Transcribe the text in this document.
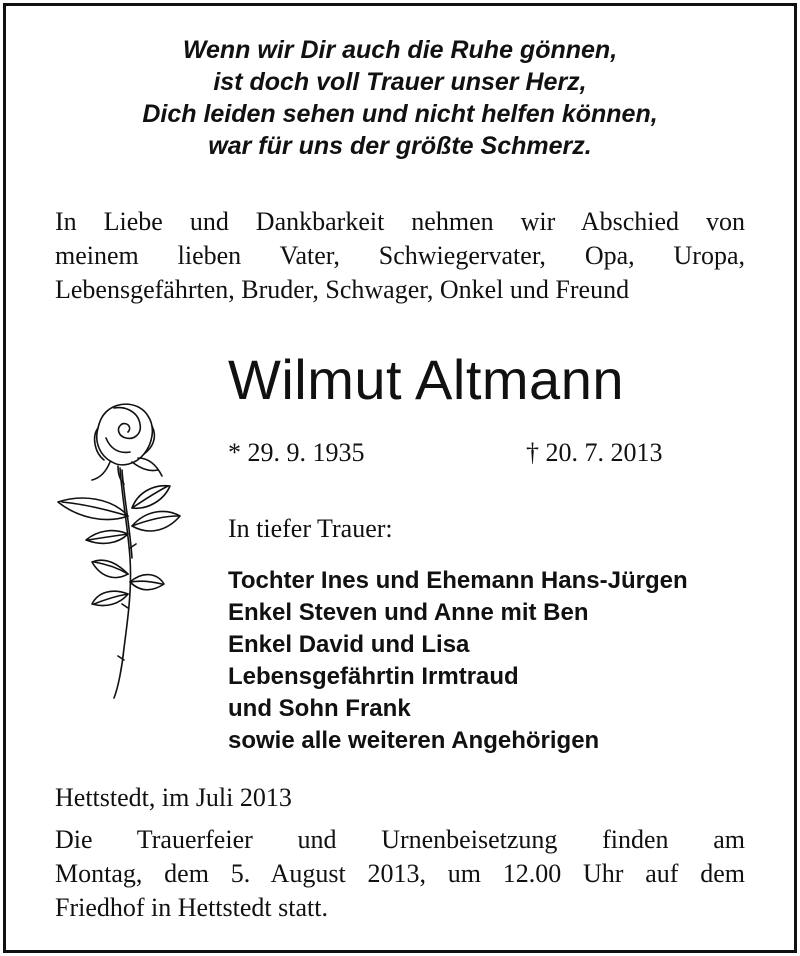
Wenn wir Dir auch die Ruhe gönnen,
ist doch voll Trauer unser Herz,
Dich leiden sehen und nicht helfen können,
war für uns der größte Schmerz.
In Liebe und Dankbarkeit nehmen wir Abschied von
meinem lieben Vater, Schwiegervater, Opa, Uropa,
Lebensgefährten, Bruder, Schwager, Onkel und Freund
Wilmut Altmann
* 29. 9. 1935	† 20. 7. 2013
In tiefer Trauer:
Tochter Ines und Ehemann Hans-Jürgen
Enkel Steven und Anne mit Ben
Enkel David und Lisa
Lebensgefährtin Irmtraud
und Sohn Frank
sowie alle weiteren Angehörigen
Hettstedt, im Juli 2013
Die Trauerfeier und Urnenbeisetzung finden am
Montag, dem 5. August 2013, um 12.00 Uhr auf dem
Friedhof in Hettstedt statt.
